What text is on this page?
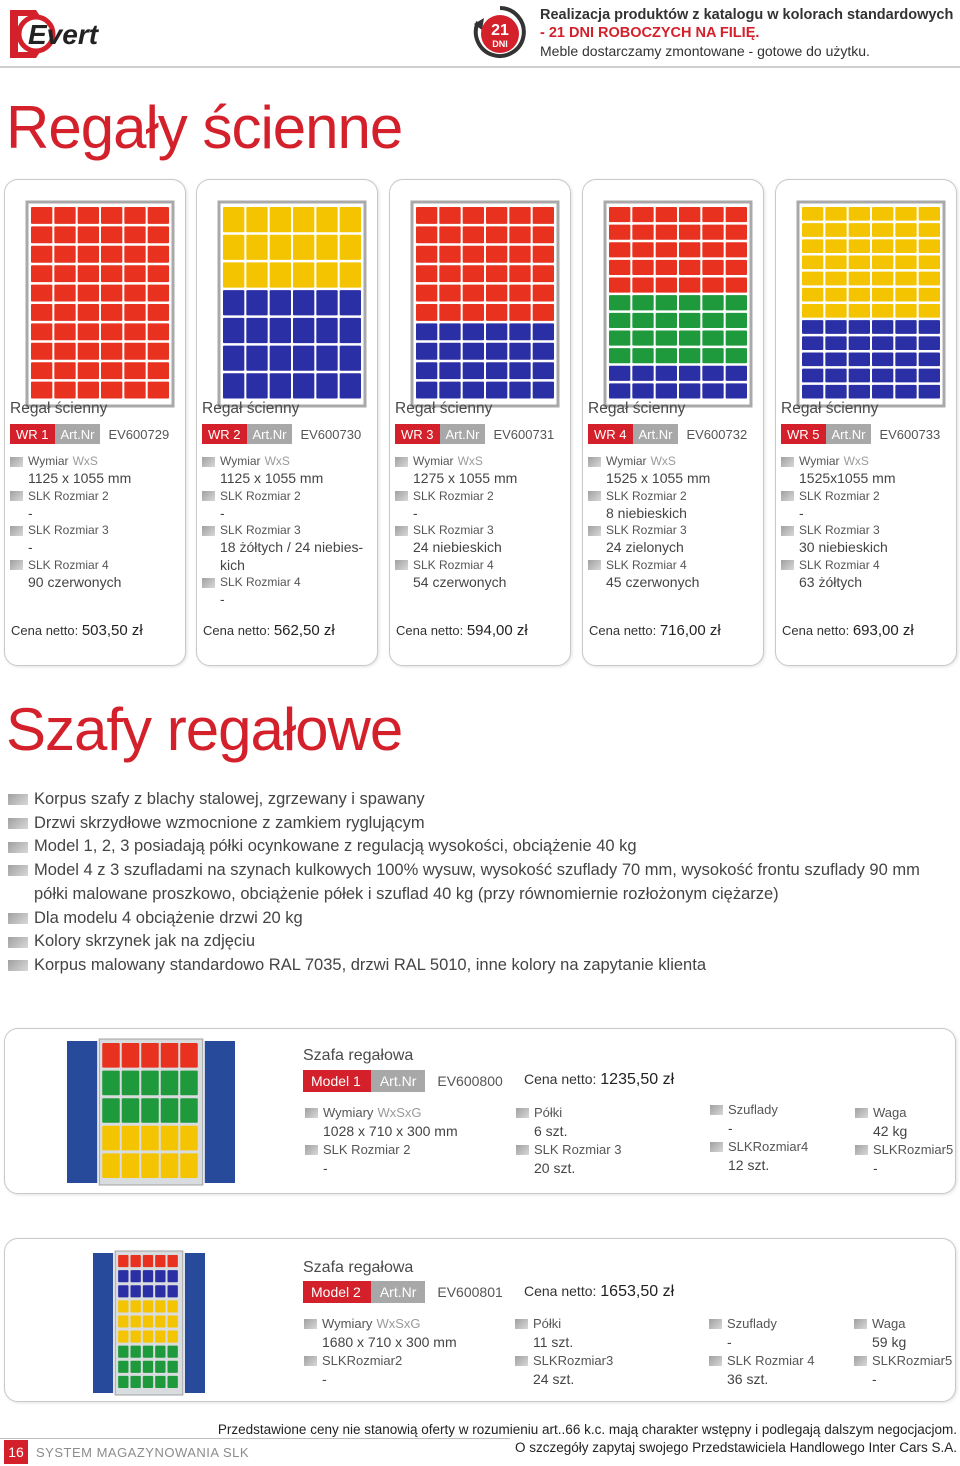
Evert	21
DNI
Realizacja produktów z katalogu w kolorach standardowych
- 21 DNI ROBOCZYCH NA FILIĘ.
Meble dostarczamy zmontowane - gotowe do użytku.
Regały ścienne
Regał ścienny
WR 1 Art.Nr	EV600729
Wymiar WxS
1125 x 1055 mm
SLK Rozmiar 2
-
SLK Rozmiar 3
-
SLK Rozmiar 4
90 czerwonych
Cena netto: 503,50 zł
Regał ścienny
WR 2 Art.Nr	EV600730
Wymiar WxS
1125 x 1055 mm
SLK Rozmiar 2
-
SLK Rozmiar 3
18 żółtych / 24 niebies-kich
SLK Rozmiar 4
-
Cena netto: 562,50 zł
Regał ścienny
WR 3 Art.Nr	EV600731
Wymiar WxS
1275 x 1055 mm
SLK Rozmiar 2
-
SLK Rozmiar 3
24 niebieskich
SLK Rozmiar 4
54 czerwonych
Cena netto: 594,00 zł
Regał ścienny
WR 4 Art.Nr	EV600732
Wymiar WxS
1525 x 1055 mm
SLK Rozmiar 2
8 niebieskich
SLK Rozmiar 3
24 zielonych
SLK Rozmiar 4
45 czerwonych
Cena netto: 716,00 zł
Regał ścienny
WR 5 Art.Nr	EV600733
Wymiar WxS
1525x1055 mm
SLK Rozmiar 2
-
SLK Rozmiar 3
30 niebieskich
SLK Rozmiar 4
63 żółtych
Cena netto: 693,00 zł
Szafy regałowe
Korpus szafy z blachy stalowej, zgrzewany i spawany
Drzwi skrzydłowe wzmocnione z zamkiem ryglującym
Model 1, 2, 3 posiadają półki ocynkowane z regulacją wysokości, obciążenie 40 kg
Model 4 z 3 szufladami na szynach kulkowych 100% wysuw, wysokość szuflady 70 mm, wysokość frontu szuflady 90 mm
półki malowane proszkowo, obciążenie półek i szuflad 40 kg (przy równomiernie rozłożonym ciężarze)
Dla modelu 4 obciążenie drzwi 20 kg
Kolory skrzynek jak na zdjęciu
Korpus malowany standardowo RAL 7035, drzwi RAL 5010, inne kolory na zapytanie klienta
Szafa regałowa
Model 1	Art.Nr	EV600800 Cena netto: 1235,50 zł
Wymiary WxSxG
1028 x 710 x 300 mm
SLK Rozmiar 2
-
Półki
6 szt.
SLK Rozmiar 3
20 szt.
Szuflady
-
SLKRozmiar4
12 szt.
Waga
42 kg
SLKRozmiar5
-
Szafa regałowa
Model 2	Art.Nr	EV600801 Cena netto: 1653,50 zł
Wymiary WxSxG
1680 x 710 x 300 mm
SLKRozmiar2
-
Półki
11 szt.
SLKRozmiar3
24 szt.
Szuflady
-
SLK Rozmiar 4
36 szt.
Waga
59 kg
SLKRozmiar5
-
Przedstawione ceny nie stanowią oferty w rozumieniu art..66 k.c. mają charakter wstępny i podlegają dalszym negocjacjom.
O szczegóły zapytaj swojego Przedstawiciela Handlowego Inter Cars S.A.
16 SYSTEM MAGAZYNOWANIA SLK
